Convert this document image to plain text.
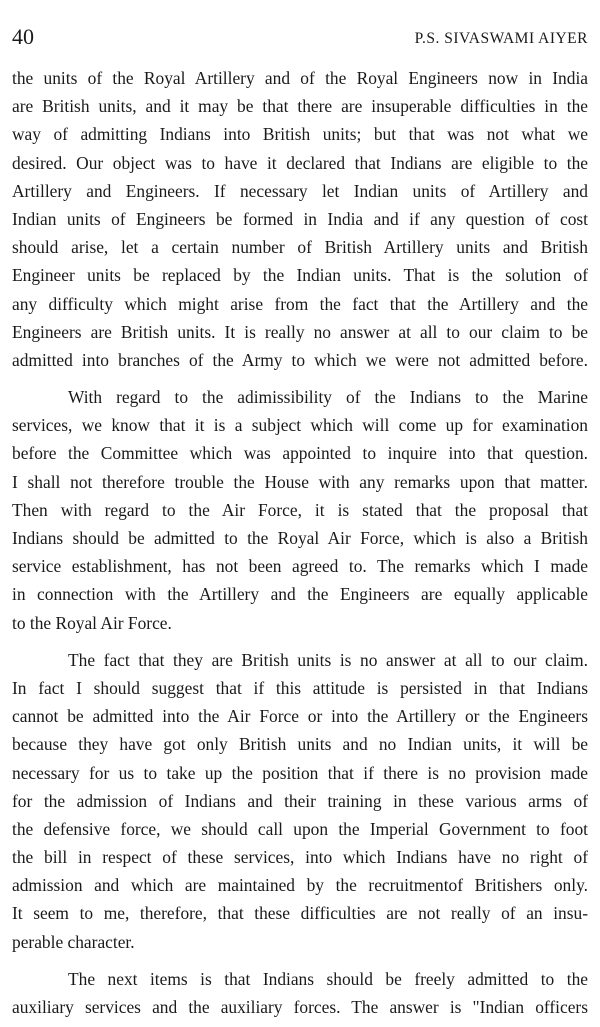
40	P.S. SIVASWAMI AIYER

the units of the Royal Artillery and of the Royal Engineers now in India
are British units, and it may be that there are insuperable difficulties in the
way of admitting Indians into British units; but that was not what we
desired. Our object was to have it declared that Indians are eligible to the
Artillery and Engineers. If necessary let Indian units of Artillery and
Indian units of Engineers be formed in India and if any question of cost
should arise, let a certain number of British Artillery units and British
Engineer units be replaced by the Indian units. That is the solution of
any difficulty which might arise from the fact that the Artillery and the
Engineers are British units. It is really no answer at all to our claim to be
admitted into branches of the Army to which we were not admitted before.

With regard to the adimissibility of the Indians to the Marine
services, we know that it is a subject which will come up for examination
before the Committee which was appointed to inquire into that question.
I shall not therefore trouble the House with any remarks upon that matter.
Then with regard to the Air Force, it is stated that the proposal that
Indians should be admitted to the Royal Air Force, which is also a British
service establishment, has not been agreed to. The remarks which I made
in connection with the Artillery and the Engineers are equally applicable
to the Royal Air Force.

The fact that they are British units is no answer at all to our claim.
In fact I should suggest that if this attitude is persisted in that Indians
cannot be admitted into the Air Force or into the Artillery or the Engineers
because they have got only British units and no Indian units, it will be
necessary for us to take up the position that if there is no provision made
for the admission of Indians and their training in these various arms of
the defensive force, we should call upon the Imperial Government to foot
the bill in respect of these services, into which Indians have no right of
admission and which are maintained by the recruitmentof Britishers only.
It seem to me, therefore, that these difficulties are not really of an insu-
perable character.

The next items is that Indians should be freely admitted to the
auxiliary services and the auxiliary forces. The answer is "Indian officers
